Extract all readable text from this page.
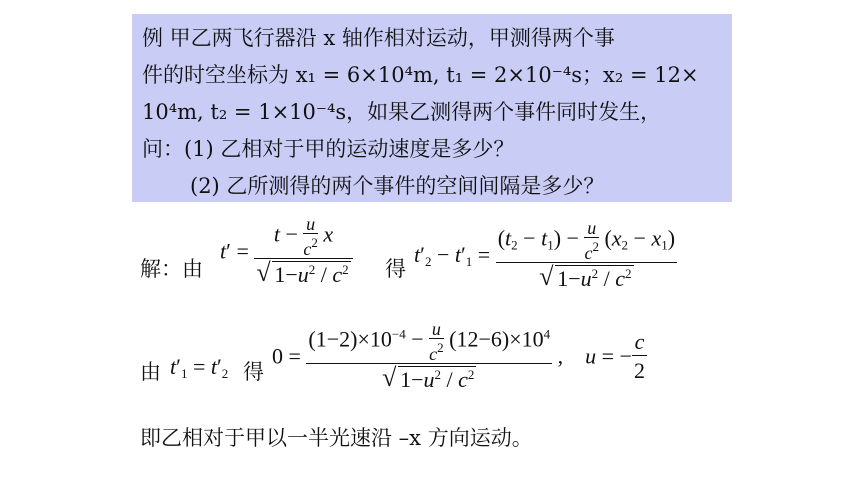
例 甲乙两飞行器沿 x 轴作相对运动，甲测得两个事
件的时空坐标为 x₁ = 6×10⁴m, t₁ = 2×10⁻⁴s；x₂ = 12×
10⁴m, t₂ = 1×10⁻⁴s，如果乙测得两个事件同时发生，
问：(1) 乙相对于甲的运动速度是多少？
(2) 乙所测得的两个事件的空间间隔是多少？
解：由
$t' = t - \frac{u}{c^2}$ x
√ $1-u^2 / c^2$ 得
$t'_2 - t'_1 = (t_2 - t_1) - \frac{u}{c^2} (x_2 - x_1)$
√ $1-u^2 / c^2$
由 $t'_1 = t'_2$ 得
$0 = (1-2)\times 10^{-4} - \frac{u}{c^2} (12-6)\times 10^4$
√ $1-u^2 / c^2$ ,    u = − $\frac{c}{2}$
即乙相对于甲以一半光速沿 –x 方向运动。
